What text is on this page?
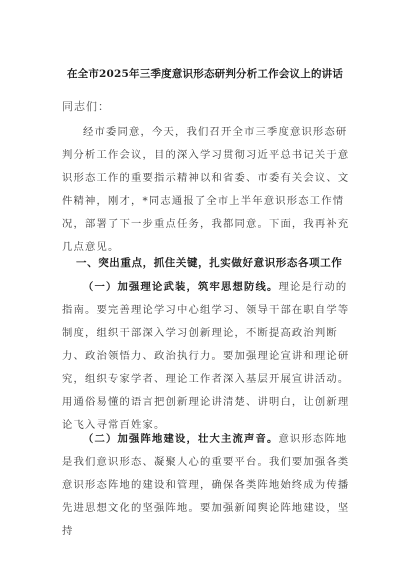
在全市2025年三季度意识形态研判分析工作会议上的讲话
同志们：
经市委同意，今天，我们召开全市三季度意识形态研判分析工作会议，目的深入学习贯彻习近平总书记关于意识形态工作的重要指示精神以和省委、市委有关会议、文件精神，刚才，*同志通报了全市上半年意识形态工作情况，部署了下一步重点任务，我都同意。下面，我再补充几点意见。
一、突出重点，抓住关键，扎实做好意识形态各项工作
（一）加强理论武装，筑牢思想防线。理论是行动的指南。要完善理论学习中心组学习、领导干部在职自学等制度，组织干部深入学习创新理论，不断提高政治判断力、政治领悟力、政治执行力。要加强理论宣讲和理论研究，组织专家学者、理论工作者深入基层开展宣讲活动。用通俗易懂的语言把创新理论讲清楚、讲明白，让创新理论飞入寻常百姓家。
（二）加强阵地建设，壮大主流声音。意识形态阵地是我们意识形态、凝聚人心的重要平台。我们要加强各类意识形态阵地的建设和管理，确保各类阵地始终成为传播先进思想文化的坚强阵地。要加强新闻舆论阵地建设，坚持
